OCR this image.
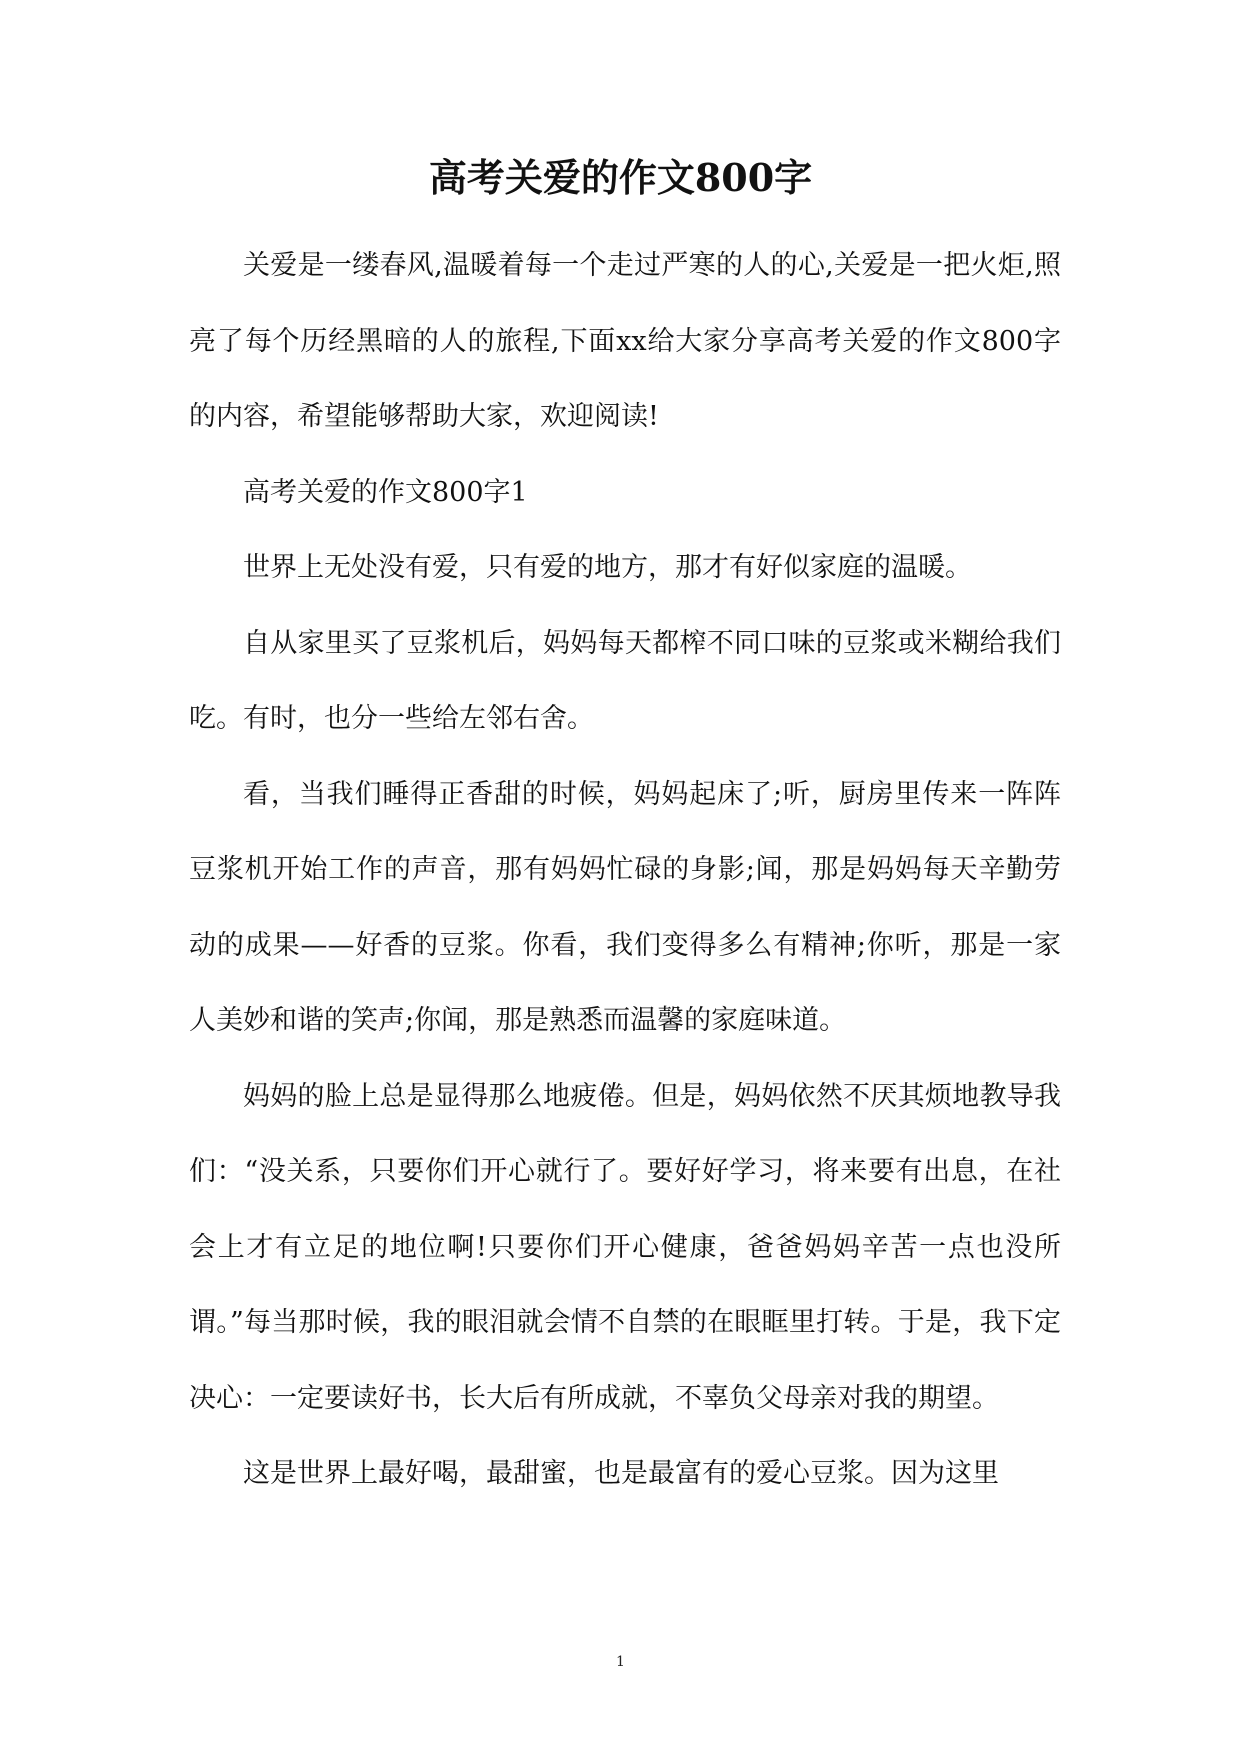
高考关爱的作文800字

关爱是一缕春风,温暖着每一个走过严寒的人的心,关爱是一把火炬,照亮了每个历经黑暗的人的旅程,下面xx给大家分享高考关爱的作文800字的内容，希望能够帮助大家，欢迎阅读!

高考关爱的作文800字1

世界上无处没有爱，只有爱的地方，那才有好似家庭的温暖。

自从家里买了豆浆机后，妈妈每天都榨不同口味的豆浆或米糊给我们吃。有时，也分一些给左邻右舍。

看，当我们睡得正香甜的时候，妈妈起床了;听，厨房里传来一阵阵豆浆机开始工作的声音，那有妈妈忙碌的身影;闻，那是妈妈每天辛勤劳动的成果——好香的豆浆。你看，我们变得多么有精神;你听，那是一家人美妙和谐的笑声;你闻，那是熟悉而温馨的家庭味道。

妈妈的脸上总是显得那么地疲倦。但是，妈妈依然不厌其烦地教导我们：“没关系，只要你们开心就行了。要好好学习，将来要有出息，在社会上才有立足的地位啊!只要你们开心健康，爸爸妈妈辛苦一点也没所谓。”每当那时候，我的眼泪就会情不自禁的在眼眶里打转。于是，我下定决心：一定要读好书，长大后有所成就，不辜负父母亲对我的期望。

这是世界上最好喝，最甜蜜，也是最富有的爱心豆浆。因为这里

1
